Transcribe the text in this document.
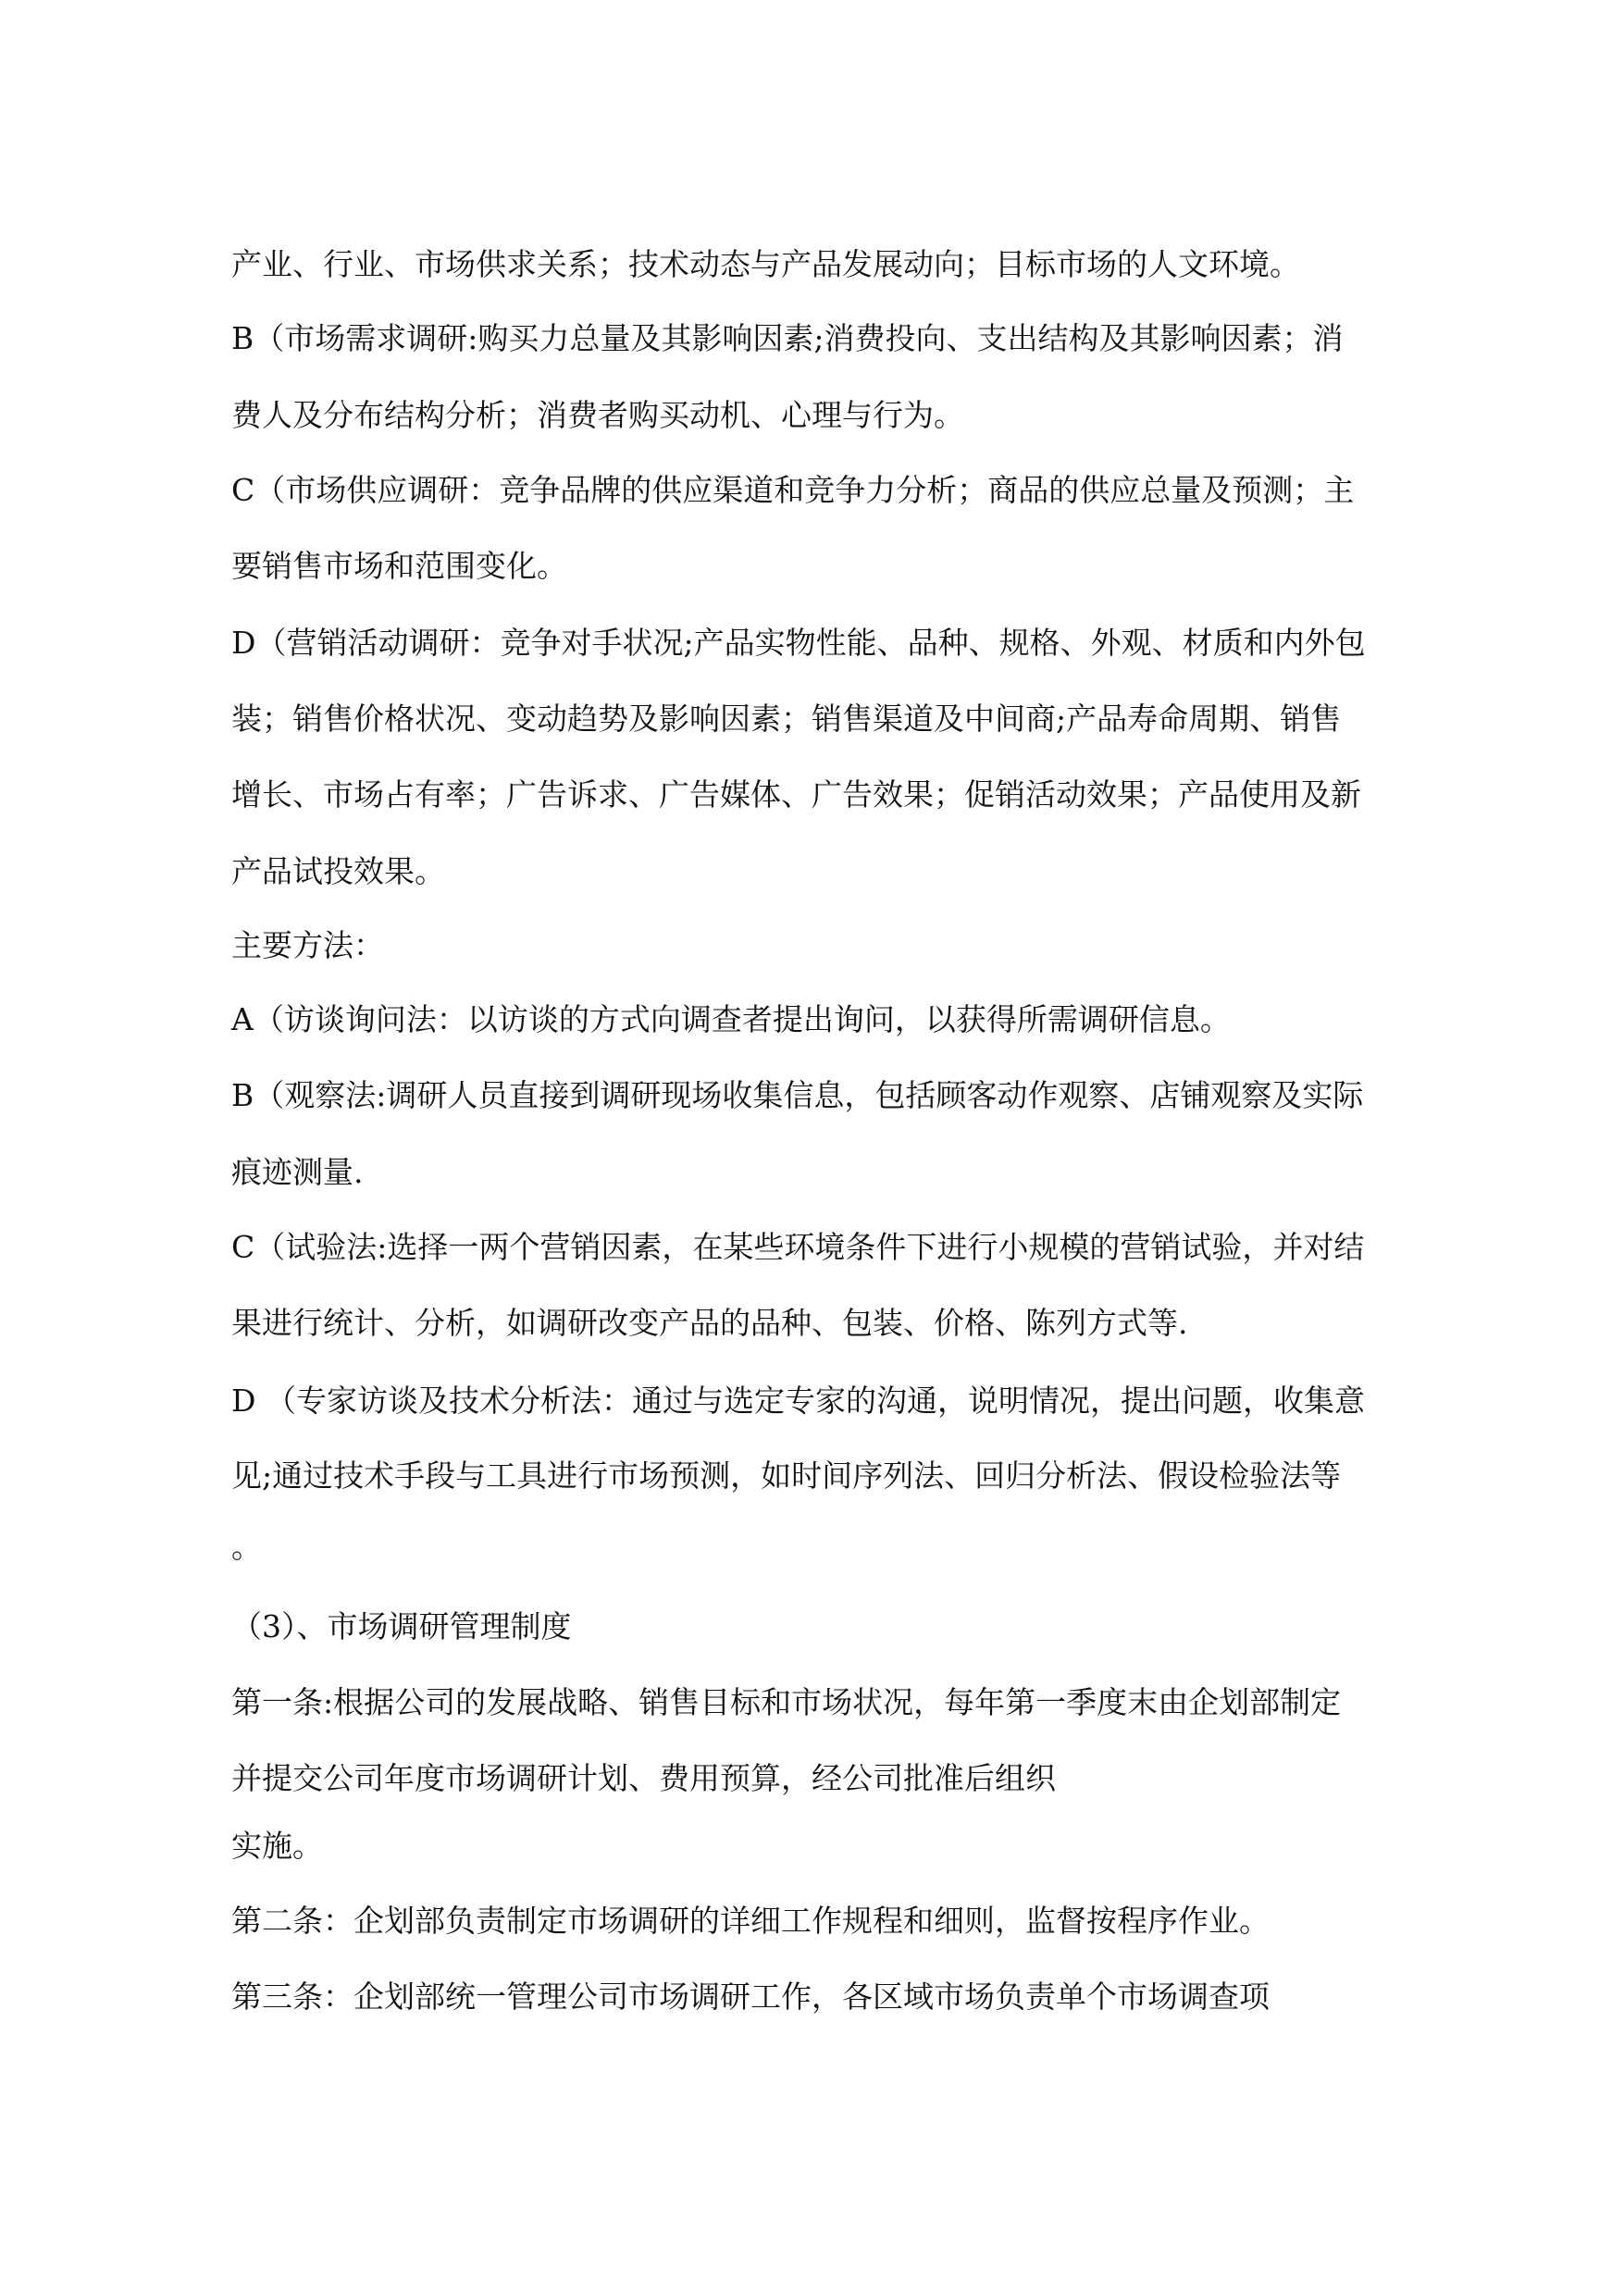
产业、行业、市场供求关系；技术动态与产品发展动向；目标市场的人文环境。
B（市场需求调研:购买力总量及其影响因素;消费投向、支出结构及其影响因素；消
费人及分布结构分析；消费者购买动机、心理与行为。
C（市场供应调研：竞争品牌的供应渠道和竞争力分析；商品的供应总量及预测；主
要销售市场和范围变化。
D（营销活动调研：竞争对手状况;产品实物性能、品种、规格、外观、材质和内外包
装；销售价格状况、变动趋势及影响因素；销售渠道及中间商;产品寿命周期、销售
增长、市场占有率；广告诉求、广告媒体、广告效果；促销活动效果；产品使用及新
产品试投效果。
主要方法：
A（访谈询问法：以访谈的方式向调查者提出询问，以获得所需调研信息。
B（观察法:调研人员直接到调研现场收集信息，包括顾客动作观察、店铺观察及实际
痕迹测量.
C（试验法:选择一两个营销因素，在某些环境条件下进行小规模的营销试验，并对结
果进行统计、分析，如调研改变产品的品种、包装、价格、陈列方式等.
D （专家访谈及技术分析法：通过与选定专家的沟通，说明情况，提出问题，收集意
见;通过技术手段与工具进行市场预测，如时间序列法、回归分析法、假设检验法等
。
（3）、市场调研管理制度
第一条:根据公司的发展战略、销售目标和市场状况，每年第一季度末由企划部制定
并提交公司年度市场调研计划、费用预算，经公司批准后组织
实施。
第二条：企划部负责制定市场调研的详细工作规程和细则，监督按程序作业。
第三条：企划部统一管理公司市场调研工作，各区域市场负责单个市场调查项
